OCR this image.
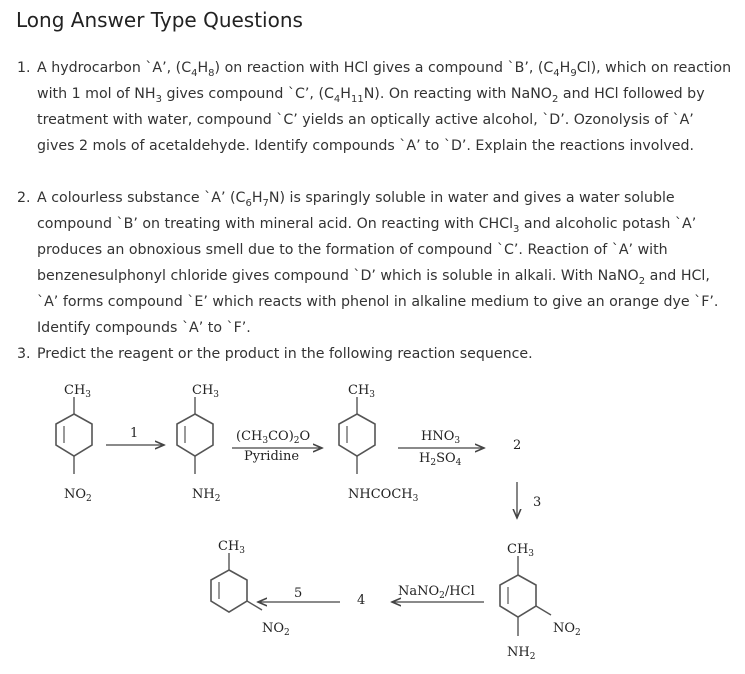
Long Answer Type Questions
1. A hydrocarbon `A’, $(C_4H_8)$ on reaction with HCl gives a compound `B’, $(C_4H_9Cl)$, which on reaction with 1 mol of $NH_3$ gives compound `C’, $(C_4H_{11}N)$. On reacting with NaNO$_2$ and HCl followed by treatment with water, compound `C’ yields an optically active alcohol, `D’. Ozonolysis of `A’ gives 2 mols of acetaldehyde. Identify compounds `A’ to `D’. Explain the reactions involved.
2. A colourless substance `A’ $(C_6H_7N)$ is sparingly soluble in water and gives a water soluble compound `B’ on treating with mineral acid. On reacting with CHCl$_3$ and alcoholic potash `A’ produces an obnoxious smell due to the formation of compound `C’. Reaction of `A’ with benzenesulphonyl chloride gives compound `D’ which is soluble in alkali. With NaNO$_2$ and HCl, `A’ forms compound `E’ which reacts with phenol in alkaline medium to give an orange dye `F’. Identify compounds `A’ to `F’.
3. Predict the reagent or the product in the following reaction sequence.
$CH_3$
$NO_2$
1
$CH_3$
$NH_2$
$(CH_3CO)_2O$
Pyridine
$CH_3$
$NHCOCH_3$
$HNO_3$
$H_2SO_4$
2
3
$CH_3$
$NO_2$
$NH_2$
NaNO$_2$/HCl
4
5
$CH_3$
$NO_2$
